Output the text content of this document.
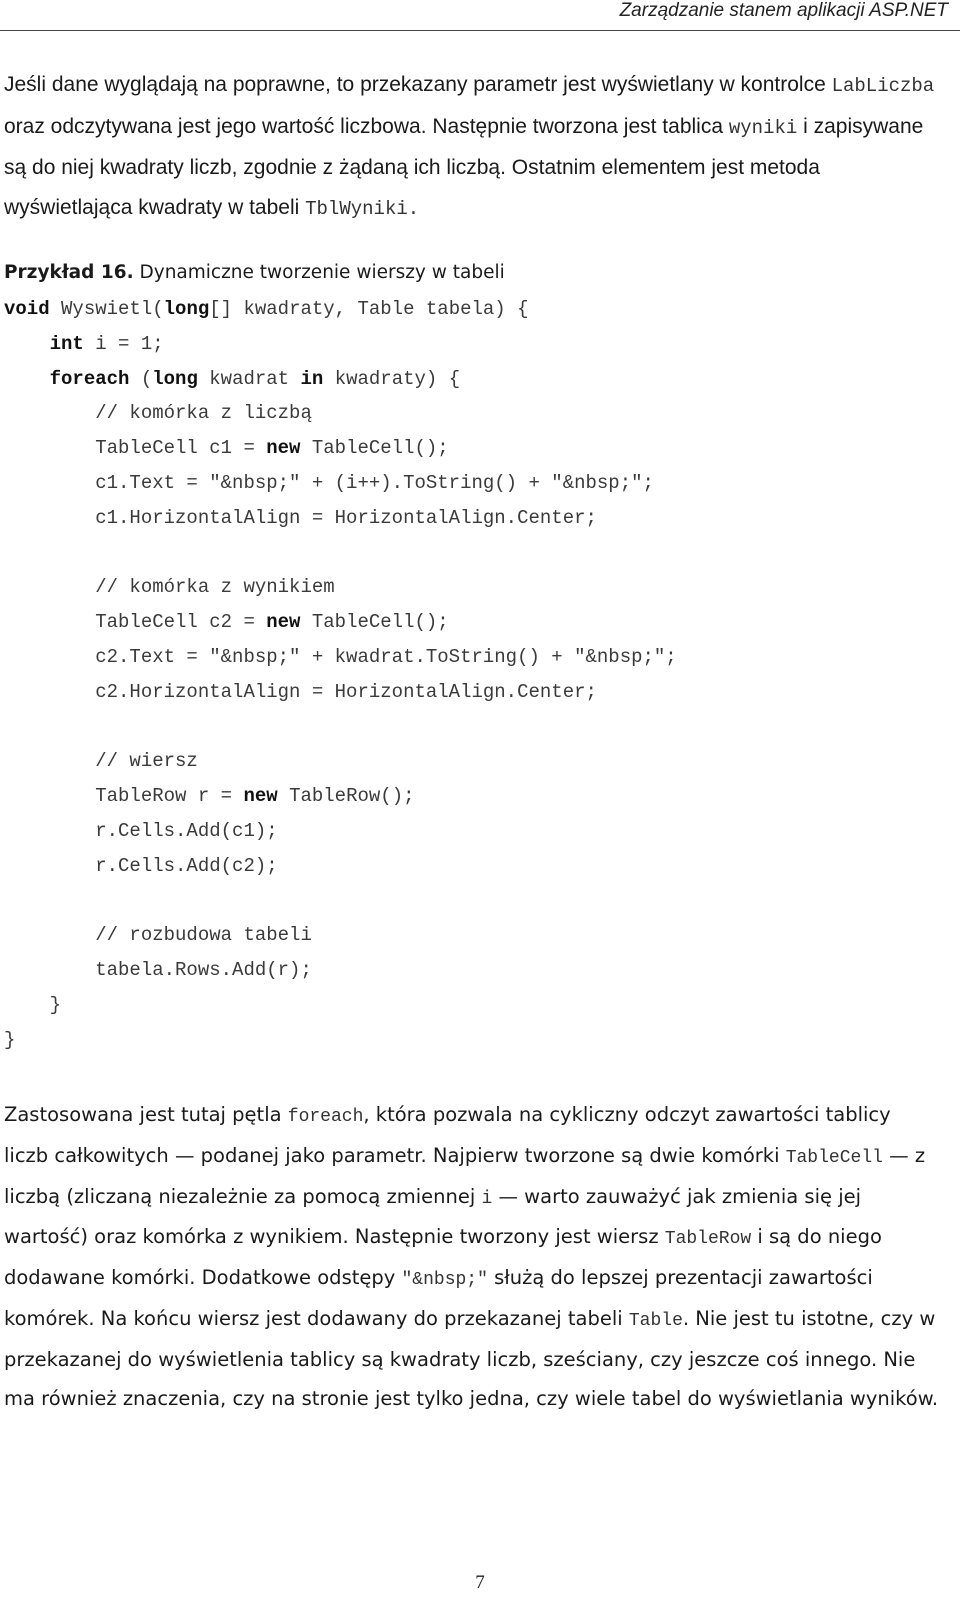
Zarządzanie stanem aplikacji ASP.NET
Jeśli dane wyglądają na poprawne, to przekazany parametr jest wyświetlany w kontrolce LabLiczba oraz odczytywana jest jego wartość liczbowa. Następnie tworzona jest tablica wyniki i zapisywane są do niej kwadraty liczb, zgodnie z żądaną ich liczbą. Ostatnim elementem jest metoda wyświetlająca kwadraty w tabeli TblWyniki.
Przykład 16. Dynamiczne tworzenie wierszy w tabeli
void Wyswietl(long[] kwadraty, Table tabela) {
int i = 1;
foreach (long kwadrat in kwadraty) {
// komórka z liczbą
TableCell c1 = new TableCell();
c1.Text = "&nbsp;" + (i++).ToString() + "&nbsp;";
c1.HorizontalAlign = HorizontalAlign.Center;
// komórka z wynikiem
TableCell c2 = new TableCell();
c2.Text = "&nbsp;" + kwadrat.ToString() + "&nbsp;";
c2.HorizontalAlign = HorizontalAlign.Center;
// wiersz
TableRow r = new TableRow();
r.Cells.Add(c1);
r.Cells.Add(c2);
// rozbudowa tabeli
tabela.Rows.Add(r);
}
}
Zastosowana jest tutaj pętla foreach, która pozwala na cykliczny odczyt zawartości tablicy liczb całkowitych — podanej jako parametr. Najpierw tworzone są dwie komórki TableCell — z liczbą (zliczaną niezależnie za pomocą zmiennej i — warto zauważyć jak zmienia się jej wartość) oraz komórka z wynikiem. Następnie tworzony jest wiersz TableRow i są do niego dodawane komórki. Dodatkowe odstępy "&nbsp;" służą do lepszej prezentacji zawartości komórek. Na końcu wiersz jest dodawany do przekazanej tabeli Table. Nie jest tu istotne, czy w przekazanej do wyświetlenia tablicy są kwadraty liczb, sześciany, czy jeszcze coś innego. Nie ma również znaczenia, czy na stronie jest tylko jedna, czy wiele tabel do wyświetlania wyników.
7
